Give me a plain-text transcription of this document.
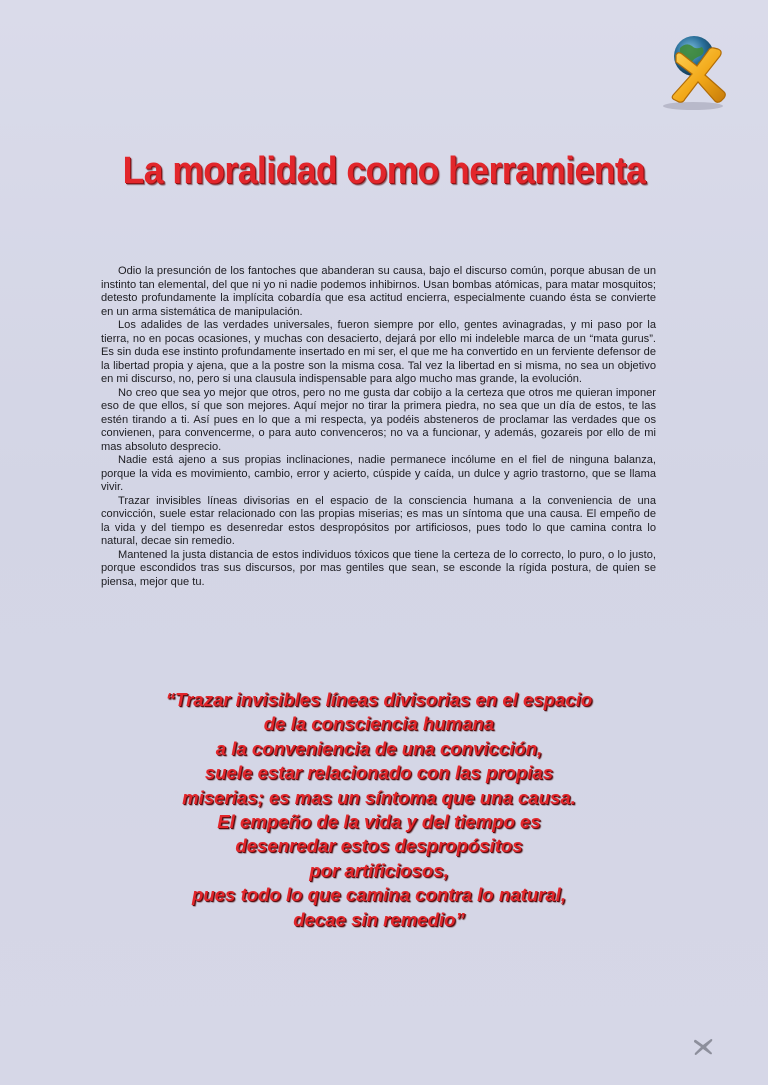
La moralidad como herramienta

Odio la presunción de los fantoches que abanderan su causa, bajo el discurso común, porque abusan de un instinto tan elemental, del que ni yo ni nadie podemos inhibirnos. Usan bombas atómicas, para matar mosquitos; detesto profundamente la implícita cobardía que esa actitud encierra, especialmente cuando ésta se convierte en un arma sistemática de manipulación.

Los adalides de las verdades universales, fueron siempre por ello, gentes avinagradas, y mi paso por la tierra, no en pocas ocasiones, y muchas con desacierto, dejará por ello mi indeleble marca de un “mata gurus”. Es sin duda ese instinto profundamente insertado en mi ser, el que me ha convertido en un ferviente defensor de la libertad propia y ajena, que a la postre son la misma cosa. Tal vez la libertad en si misma, no sea un objetivo en mi discurso, no, pero si una clausula indispensable para algo mucho mas grande, la evolución.

No creo que sea yo mejor que otros, pero no me gusta dar cobijo a la certeza que otros me quieran imponer eso de que ellos, sí que son mejores. Aquí mejor no tirar la primera piedra, no sea que un día de estos, te las estén tirando a ti. Así pues en lo que a mi respecta, ya podéis absteneros de proclamar las verdades que os convienen, para convencerme, o para auto convenceros; no va a funcionar, y además, gozareis por ello de mi mas absoluto desprecio.

Nadie está ajeno a sus propias inclinaciones, nadie permanece incólume en el fiel de ninguna balanza, porque la vida es movimiento, cambio, error y acierto, cúspide y caída, un dulce y agrio trastorno, que se llama vivir.

Trazar invisibles líneas divisorias en el espacio de la consciencia humana a la conveniencia de una convicción, suele estar relacionado con las propias miserias; es mas un síntoma que una causa. El empeño de la vida y del tiempo es desenredar estos despropósitos por artificiosos, pues todo lo que camina contra lo natural, decae sin remedio.

Mantened la justa distancia de estos individuos tóxicos que tiene la certeza de lo correcto, lo puro, o lo justo, porque escondidos tras sus discursos, por mas gentiles que sean, se esconde la rígida postura, de quien se piensa, mejor que tu.

“Trazar invisibles líneas divisorias en el espacio
de la consciencia humana
a la conveniencia de una convicción,
suele estar relacionado con las propias
miserias; es mas un síntoma que una causa.
El empeño de la vida y del tiempo es
desenredar estos despropósitos
por artificiosos,
pues todo lo que camina contra lo natural,
decae sin remedio”
